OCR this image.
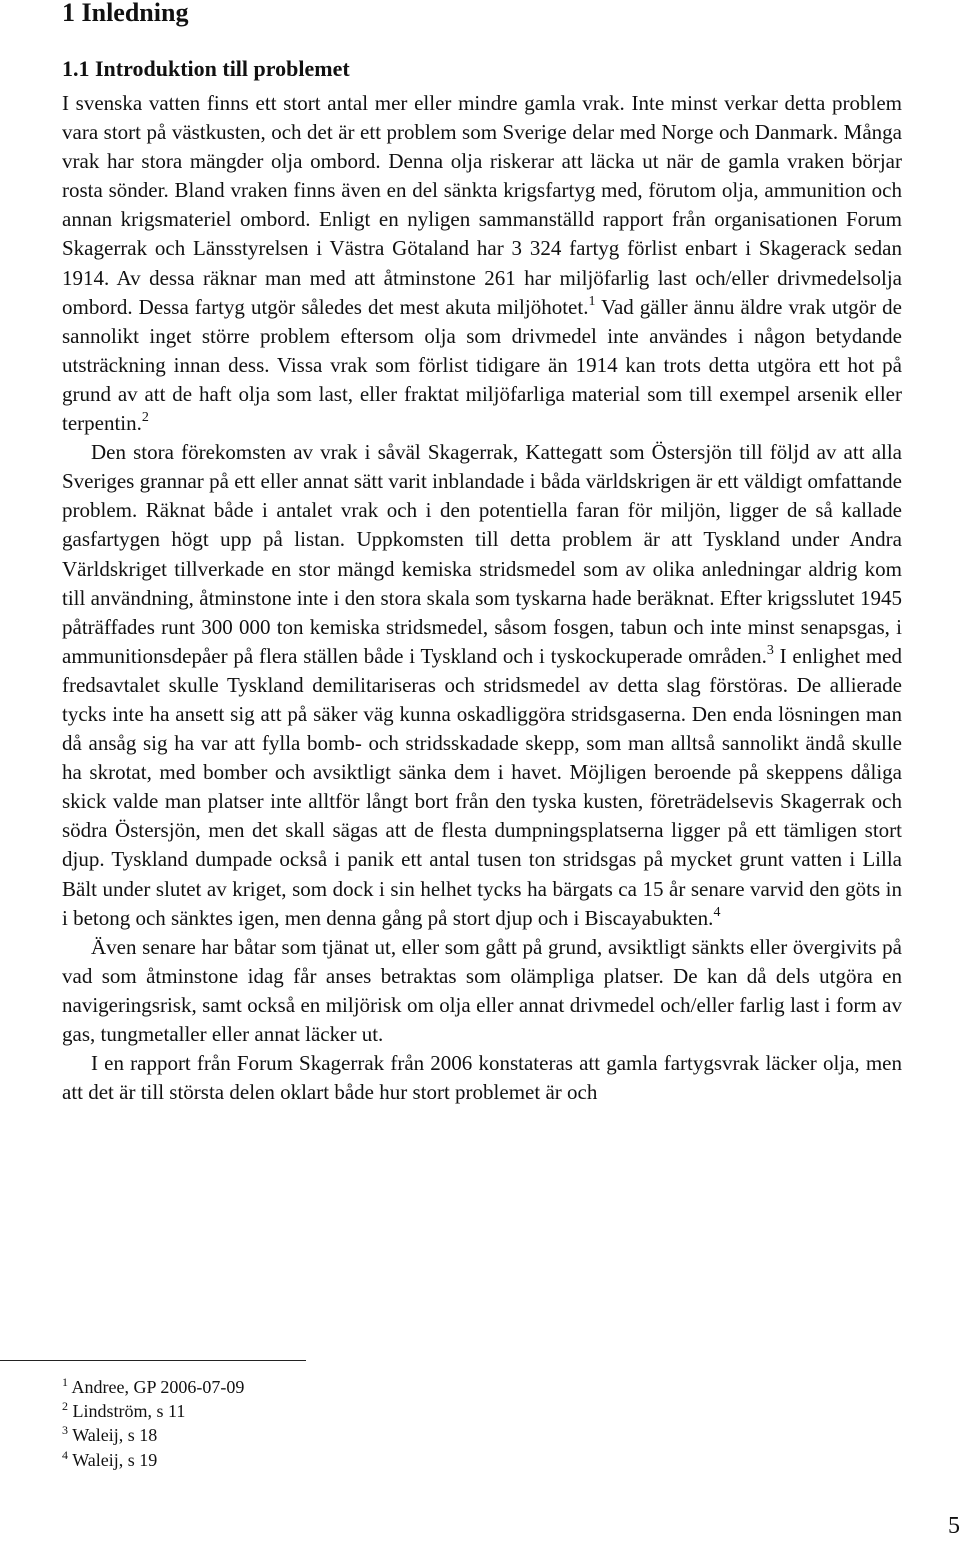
1 Inledning
1.1 Introduktion till problemet

I svenska vatten finns ett stort antal mer eller mindre gamla vrak. Inte minst verkar detta problem vara stort på västkusten, och det är ett problem som Sverige delar med Norge och Danmark. Många vrak har stora mängder olja ombord. Denna olja riskerar att läcka ut när de gamla vraken börjar rosta sönder. Bland vraken finns även en del sänkta krigsfartyg med, förutom olja, ammunition och annan krigsmateriel ombord. Enligt en nyligen sammanställd rapport från organisationen Forum Skagerrak och Länsstyrelsen i Västra Götaland har 3 324 fartyg förlist enbart i Skagerack sedan 1914. Av dessa räknar man med att åtminstone 261 har miljöfarlig last och/eller drivmedelsolja ombord. Dessa fartyg utgör således det mest akuta miljöhotet.$^1$ Vad gäller ännu äldre vrak utgör de sannolikt inget större problem eftersom olja som drivmedel inte användes i någon betydande utsträckning innan dess. Vissa vrak som förlist tidigare än 1914 kan trots detta utgöra ett hot på grund av att de haft olja som last, eller fraktat miljöfarliga material som till exempel arsenik eller terpentin.$^2$

Den stora förekomsten av vrak i såväl Skagerrak, Kattegatt som Östersjön till följd av att alla Sveriges grannar på ett eller annat sätt varit inblandade i båda världskrigen är ett väldigt omfattande problem. Räknat både i antalet vrak och i den potentiella faran för miljön, ligger de så kallade gasfartygen högt upp på listan. Uppkomsten till detta problem är att Tyskland under Andra Världskriget tillverkade en stor mängd kemiska stridsmedel som av olika anledningar aldrig kom till användning, åtminstone inte i den stora skala som tyskarna hade beräknat. Efter krigsslutet 1945 påträffades runt 300 000 ton kemiska stridsmedel, såsom fosgen, tabun och inte minst senapsgas, i ammunitionsdepåer på flera ställen både i Tyskland och i tyskockuperade områden.$^3$ I enlighet med fredsavtalet skulle Tyskland demilitariseras och stridsmedel av detta slag förstöras. De allierade tycks inte ha ansett sig att på säker väg kunna oskadliggöra stridsgaserna. Den enda lösningen man då ansåg sig ha var att fylla bomb- och stridsskadade skepp, som man alltså sannolikt ändå skulle ha skrotat, med bomber och avsiktligt sänka dem i havet. Möjligen beroende på skeppens dåliga skick valde man platser inte alltför långt bort från den tyska kusten, företrädelsevis Skagerrak och södra Östersjön, men det skall sägas att de flesta dumpningsplatserna ligger på ett tämligen stort djup. Tyskland dumpade också i panik ett antal tusen ton stridsgas på mycket grunt vatten i Lilla Bält under slutet av kriget, som dock i sin helhet tycks ha bärgats ca 15 år senare varvid den göts in i betong och sänktes igen, men denna gång på stort djup och i Biscayabukten.$^4$

Även senare har båtar som tjänat ut, eller som gått på grund, avsiktligt sänkts eller övergivits på vad som åtminstone idag får anses betraktas som olämpliga platser. De kan då dels utgöra en navigeringsrisk, samt också en miljörisk om olja eller annat drivmedel och/eller farlig last i form av gas, tungmetaller eller annat läcker ut.

I en rapport från Forum Skagerrak från 2006 konstateras att gamla fartygsvrak läcker olja, men att det är till största delen oklart både hur stort problemet är och

$^1$ Andree, GP 2006-07-09
$^2$ Lindström, s 11
$^3$ Waleij, s 18
$^4$ Waleij, s 19
5
